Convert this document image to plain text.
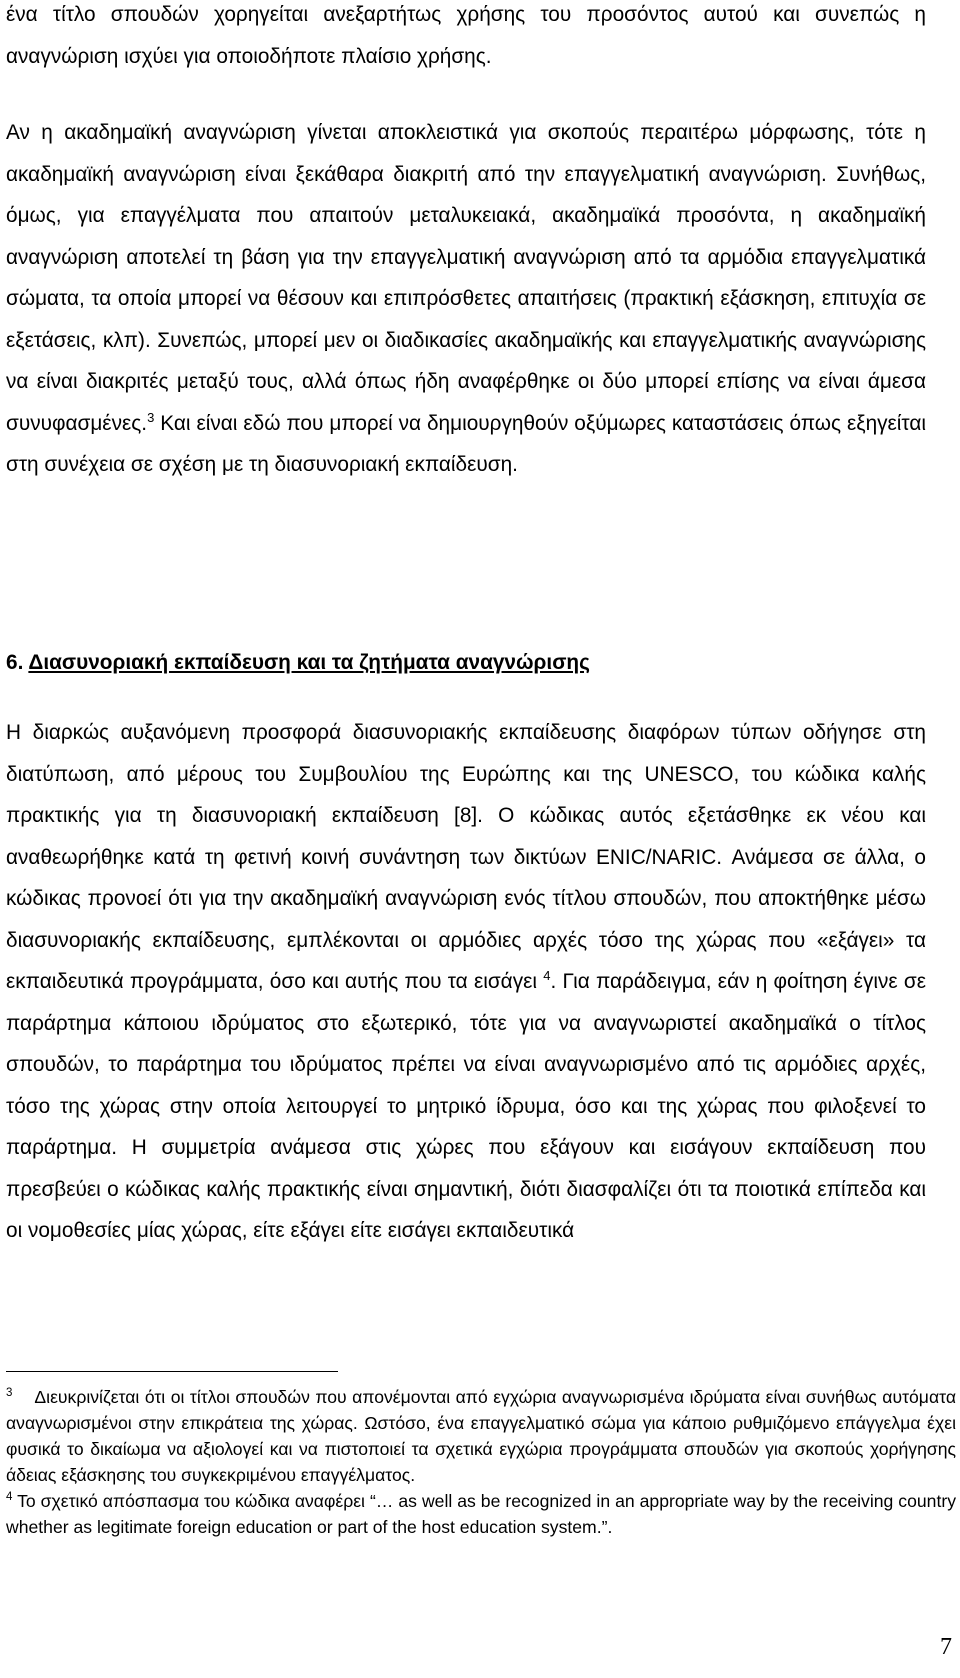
ένα τίτλο σπουδών χορηγείται ανεξαρτήτως χρήσης του προσόντος αυτού και συνεπώς η αναγνώριση ισχύει για οποιοδήποτε πλαίσιο χρήσης.

Αν η ακαδημαϊκή αναγνώριση γίνεται αποκλειστικά για σκοπούς περαιτέρω μόρφωσης, τότε η ακαδημαϊκή αναγνώριση είναι ξεκάθαρα διακριτή από την επαγγελματική αναγνώριση. Συνήθως, όμως, για επαγγέλματα που απαιτούν μεταλυκειακά, ακαδημαϊκά προσόντα, η ακαδημαϊκή αναγνώριση αποτελεί τη βάση για την επαγγελματική αναγνώριση από τα αρμόδια επαγγελματικά σώματα, τα οποία μπορεί να θέσουν και επιπρόσθετες απαιτήσεις (πρακτική εξάσκηση, επιτυχία σε εξετάσεις, κλπ). Συνεπώς, μπορεί μεν οι διαδικασίες ακαδημαϊκής και επαγγελματικής αναγνώρισης να είναι διακριτές μεταξύ τους, αλλά όπως ήδη αναφέρθηκε οι δύο μπορεί επίσης να είναι άμεσα συνυφασμένες.$^3$ Και είναι εδώ που μπορεί να δημιουργηθούν οξύμωρες καταστάσεις όπως εξηγείται στη συνέχεια σε σχέση με τη διασυνοριακή εκπαίδευση.

6. Διασυνοριακή εκπαίδευση και τα ζητήματα αναγνώρισης

Η διαρκώς αυξανόμενη προσφορά διασυνοριακής εκπαίδευσης διαφόρων τύπων οδήγησε στη διατύπωση, από μέρους του Συμβουλίου της Ευρώπης και της UNESCO, του κώδικα καλής πρακτικής για τη διασυνοριακή εκπαίδευση [8]. Ο κώδικας αυτός εξετάσθηκε εκ νέου και αναθεωρήθηκε κατά τη φετινή κοινή συνάντηση των δικτύων ENIC/NARIC. Ανάμεσα σε άλλα, ο κώδικας προνοεί ότι για την ακαδημαϊκή αναγνώριση ενός τίτλου σπουδών, που αποκτήθηκε μέσω διασυνοριακής εκπαίδευσης, εμπλέκονται οι αρμόδιες αρχές τόσο της χώρας που «εξάγει» τα εκπαιδευτικά προγράμματα, όσο και αυτής που τα εισάγει $^4$. Για παράδειγμα, εάν η φοίτηση έγινε σε παράρτημα κάποιου ιδρύματος στο εξωτερικό, τότε για να αναγνωριστεί ακαδημαϊκά ο τίτλος σπουδών, το παράρτημα του ιδρύματος πρέπει να είναι αναγνωρισμένο από τις αρμόδιες αρχές, τόσο της χώρας στην οποία λειτουργεί το μητρικό ίδρυμα, όσο και της χώρας που φιλοξενεί το παράρτημα. Η συμμετρία ανάμεσα στις χώρες που εξάγουν και εισάγουν εκπαίδευση που πρεσβεύει ο κώδικας καλής πρακτικής είναι σημαντική, διότι διασφαλίζει ότι τα ποιοτικά επίπεδα και οι νομοθεσίες μίας χώρας, είτε εξάγει είτε εισάγει εκπαιδευτικά

$^3$ Διευκρινίζεται ότι οι τίτλοι σπουδών που απονέμονται από εγχώρια αναγνωρισμένα ιδρύματα είναι συνήθως αυτόματα αναγνωρισμένοι στην επικράτεια της χώρας. Ωστόσο, ένα επαγγελματικό σώμα για κάποιο ρυθμιζόμενο επάγγελμα έχει φυσικά το δικαίωμα να αξιολογεί και να πιστοποιεί τα σχετικά εγχώρια προγράμματα σπουδών για σκοπούς χορήγησης άδειας εξάσκησης του συγκεκριμένου επαγγέλματος.

$^4$ Το σχετικό απόσπασμα του κώδικα αναφέρει “… as well as be recognized in an appropriate way by the receiving country whether as legitimate foreign education or part of the host education system.”.

7
